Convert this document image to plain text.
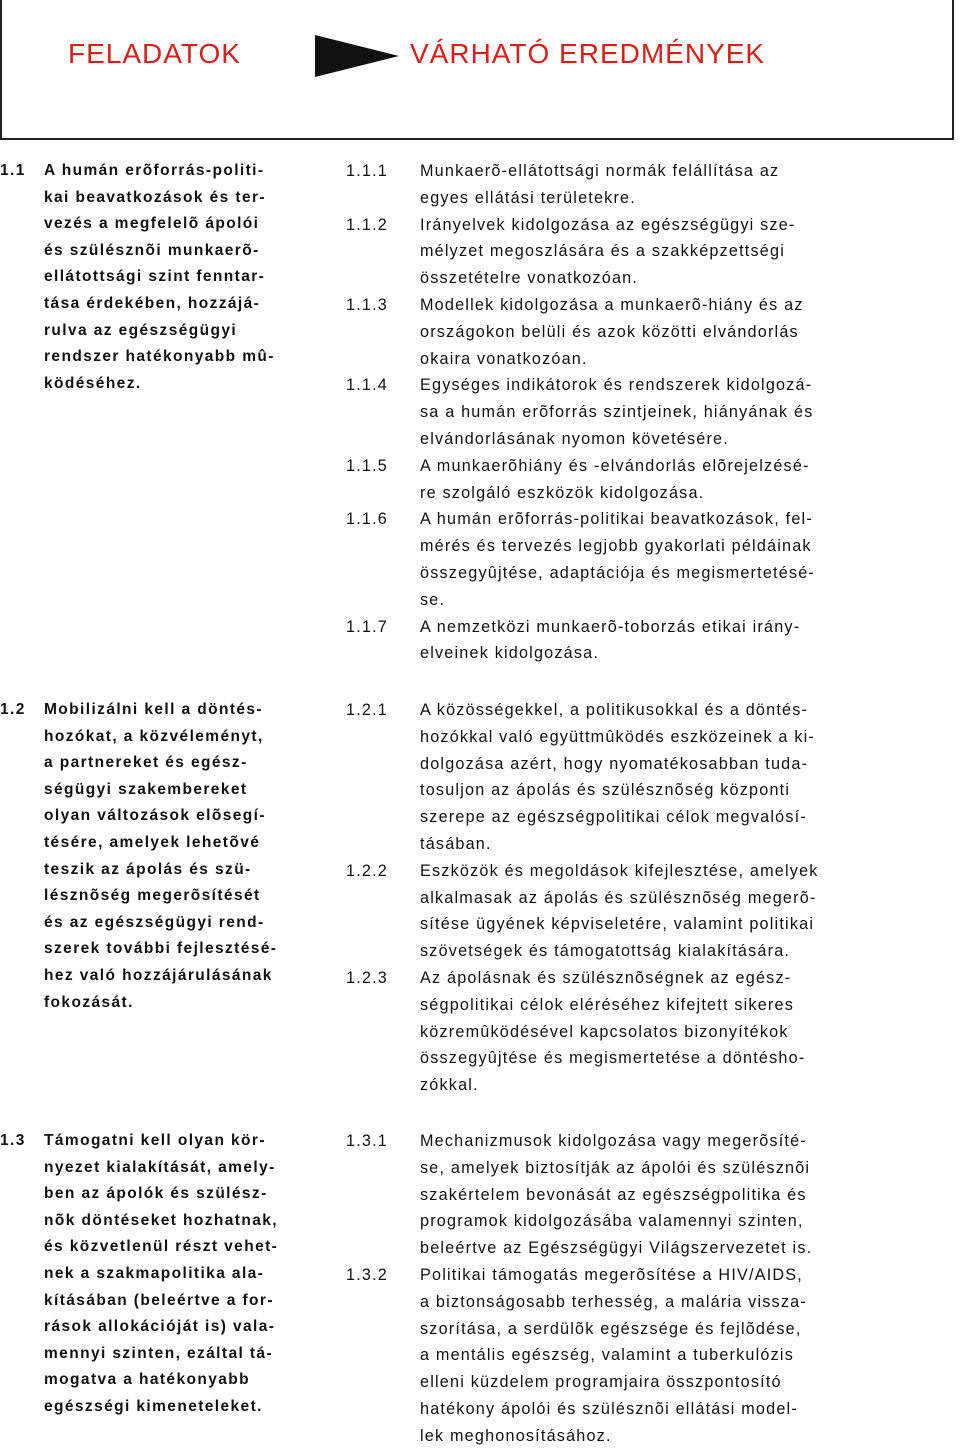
FELADATOK	VÁRHATÓ EREDMÉNYEK
1.1 A humán erõforrás-politi-
kai beavatkozások és ter-
vezés a megfelelõ ápolói
és szülésznõi munkaerõ-
ellátottsági szint fenntar-
tása érdekében, hozzájá-
rulva az egészségügyi
rendszer hatékonyabb mû-
ködéséhez.
1.1.1 Munkaerõ-ellátottsági normák felállítása az
egyes ellátási területekre.
1.1.2 Irányelvek kidolgozása az egészségügyi sze-
mélyzet megoszlására és a szakképzettségi
összetételre vonatkozóan.
1.1.3 Modellek kidolgozása a munkaerõ-hiány és az
országokon belüli és azok közötti elvándorlás
okaira vonatkozóan.
1.1.4 Egységes indikátorok és rendszerek kidolgozá-
sa a humán erõforrás szintjeinek, hiányának és
elvándorlásának nyomon követésére.
1.1.5 A munkaerõhiány és -elvándorlás elõrejelzésé-
re szolgáló eszközök kidolgozása.
1.1.6 A humán erõforrás-politikai beavatkozások, fel-
mérés és tervezés legjobb gyakorlati példáinak
összegyûjtése, adaptációja és megismertetésé-
se.
1.1.7 A nemzetközi munkaerõ-toborzás etikai irány-
elveinek kidolgozása.
1.2 Mobilizálni kell a döntés-
hozókat, a közvéleményt,
a partnereket és egész-
ségügyi szakembereket
olyan változások elõsegí-
tésére, amelyek lehetõvé
teszik az ápolás és szü-
lésznõség megerõsítését
és az egészségügyi rend-
szerek további fejlesztésé-
hez való hozzájárulásának
fokozását.
1.2.1 A közösségekkel, a politikusokkal és a döntés-
hozókkal való együttmûködés eszközeinek a ki-
dolgozása azért, hogy nyomatékosabban tuda-
tosuljon az ápolás és szülésznõség központi
szerepe az egészségpolitikai célok megvalósí-
tásában.
1.2.2 Eszközök és megoldások kifejlesztése, amelyek
alkalmasak az ápolás és szülésznõség megerõ-
sítése ügyének képviseletére, valamint politikai
szövetségek és támogatottság kialakítására.
1.2.3 Az ápolásnak és szülésznõségnek az egész-
ségpolitikai célok eléréséhez kifejtett sikeres
közremûködésével kapcsolatos bizonyítékok
összegyûjtése és megismertetése a döntésho-
zókkal.
1.3 Támogatni kell olyan kör-
nyezet kialakítását, amely-
ben az ápolók és szülész-
nõk döntéseket hozhatnak,
és közvetlenül részt vehet-
nek a szakmapolitika ala-
kításában (beleértve a for-
rások allokációját is) vala-
mennyi szinten, ezáltal tá-
mogatva a hatékonyabb
egészségi kimeneteleket.
1.3.1 Mechanizmusok kidolgozása vagy megerõsíté-
se, amelyek biztosítják az ápolói és szülésznõi
szakértelem bevonását az egészségpolitika és
programok kidolgozásába valamennyi szinten,
beleértve az Egészségügyi Világszervezetet is.
1.3.2 Politikai támogatás megerõsítése a HIV/AIDS,
a biztonságosabb terhesség, a malária vissza-
szorítása, a serdülõk egészsége és fejlõdése,
a mentális egészség, valamint a tuberkulózis
elleni küzdelem programjaira összpontosító
hatékony ápolói és szülésznõi ellátási model-
lek meghonosításához.
